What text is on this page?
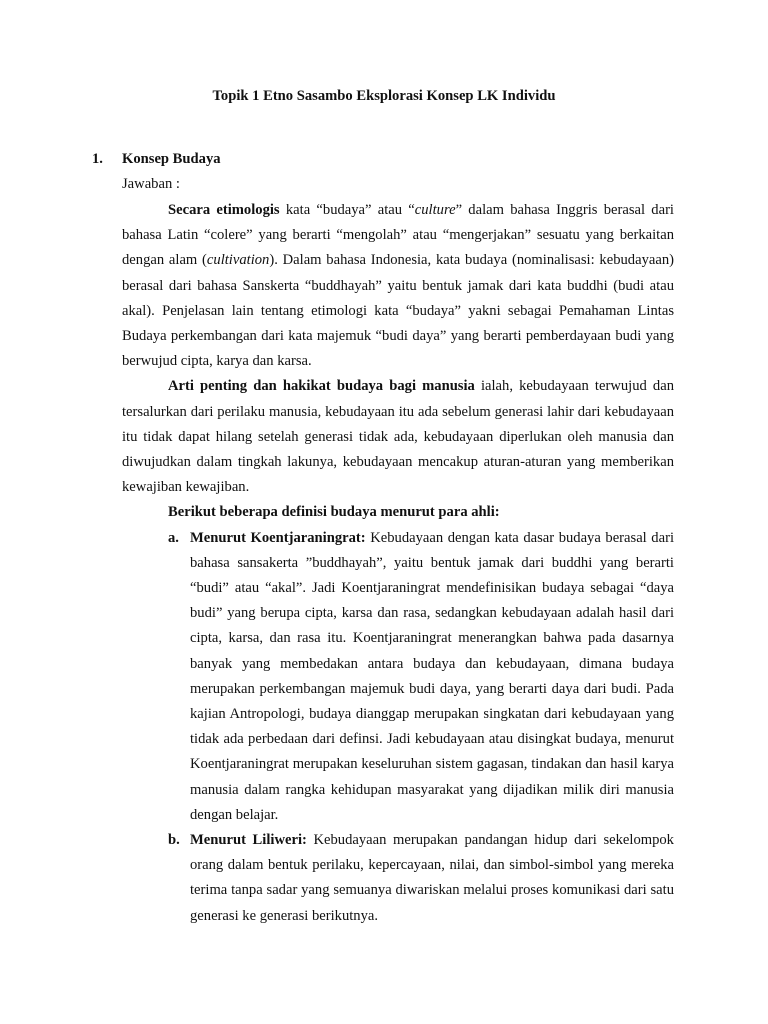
Topik 1 Etno Sasambo Eksplorasi Konsep LK Individu
1. Konsep Budaya
Jawaban :

Secara etimologis kata “budaya” atau “culture” dalam bahasa Inggris berasal dari bahasa Latin “colere” yang berarti “mengolah” atau “mengerjakan” sesuatu yang berkaitan dengan alam (cultivation). Dalam bahasa Indonesia, kata budaya (nominalisasi: kebudayaan) berasal dari bahasa Sanskerta “buddhayah” yaitu bentuk jamak dari kata buddhi (budi atau akal). Penjelasan lain tentang etimologi kata “budaya” yakni sebagai Pemahaman Lintas Budaya perkembangan dari kata majemuk “budi daya” yang berarti pemberdayaan budi yang berwujud cipta, karya dan karsa.

Arti penting dan hakikat budaya bagi manusia ialah, kebudayaan terwujud dan tersalurkan dari perilaku manusia, kebudayaan itu ada sebelum generasi lahir dari kebudayaan itu tidak dapat hilang setelah generasi tidak ada, kebudayaan diperlukan oleh manusia dan diwujudkan dalam tingkah lakunya, kebudayaan mencakup aturan-aturan yang memberikan kewajiban kewajiban.

Berikut beberapa definisi budaya menurut para ahli:

a. Menurut Koentjaraningrat: Kebudayaan dengan kata dasar budaya berasal dari bahasa sansakerta ”buddhayah”, yaitu bentuk jamak dari buddhi yang berarti “budi” atau “akal”. Jadi Koentjaraningrat mendefinisikan budaya sebagai “daya budi” yang berupa cipta, karsa dan rasa, sedangkan kebudayaan adalah hasil dari cipta, karsa, dan rasa itu. Koentjaraningrat menerangkan bahwa pada dasarnya banyak yang membedakan antara budaya dan kebudayaan, dimana budaya merupakan perkembangan majemuk budi daya, yang berarti daya dari budi. Pada kajian Antropologi, budaya dianggap merupakan singkatan dari kebudayaan yang tidak ada perbedaan dari definsi. Jadi kebudayaan atau disingkat budaya, menurut Koentjaraningrat merupakan keseluruhan sistem gagasan, tindakan dan hasil karya manusia dalam rangka kehidupan masyarakat yang dijadikan milik diri manusia dengan belajar.
b. Menurut Liliweri: Kebudayaan merupakan pandangan hidup dari sekelompok orang dalam bentuk perilaku, kepercayaan, nilai, dan simbol-simbol yang mereka terima tanpa sadar yang semuanya diwariskan melalui proses komunikasi dari satu generasi ke generasi berikutnya.
